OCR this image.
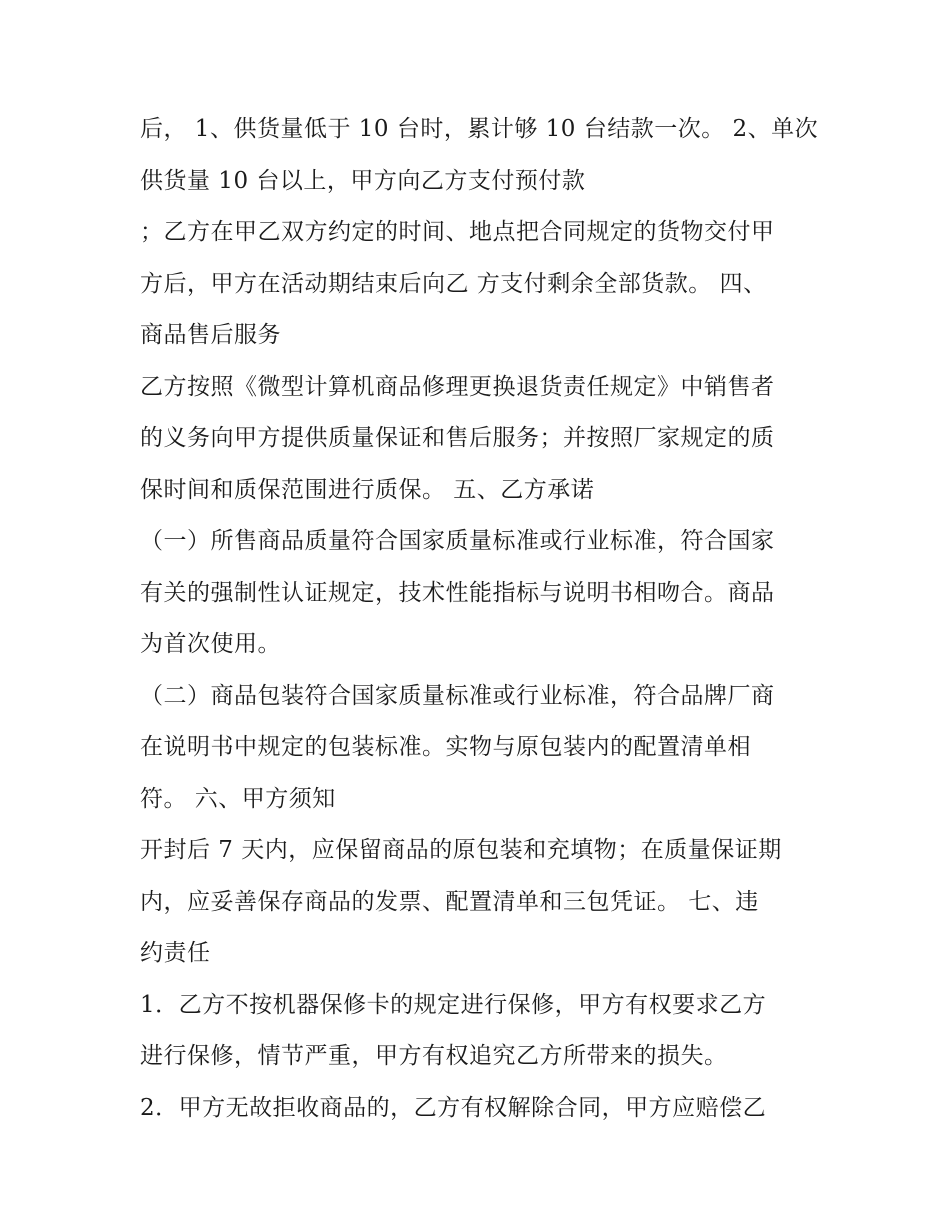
后， 1、供货量低于 10 台时，累计够 10 台结款一次。 2、单次
供货量 10 台以上，甲方向乙方支付预付款
；乙方在甲乙双方约定的时间、地点把合同规定的货物交付甲
方后，甲方在活动期结束后向乙 方支付剩余全部货款。 四、
商品售后服务
乙方按照《微型计算机商品修理更换退货责任规定》中销售者
的义务向甲方提供质量保证和售后服务；并按照厂家规定的质
保时间和质保范围进行质保。 五、乙方承诺
（一）所售商品质量符合国家质量标准或行业标准，符合国家
有关的强制性认证规定，技术性能指标与说明书相吻合。商品
为首次使用。
（二）商品包装符合国家质量标准或行业标准，符合品牌厂商
在说明书中规定的包装标准。实物与原包装内的配置清单相
符。 六、甲方须知
开封后 7 天内，应保留商品的原包装和充填物；在质量保证期
内，应妥善保存商品的发票、配置清单和三包凭证。 七、违
约责任
1．乙方不按机器保修卡的规定进行保修，甲方有权要求乙方
进行保修，情节严重，甲方有权追究乙方所带来的损失。
2．甲方无故拒收商品的，乙方有权解除合同，甲方应赔偿乙
